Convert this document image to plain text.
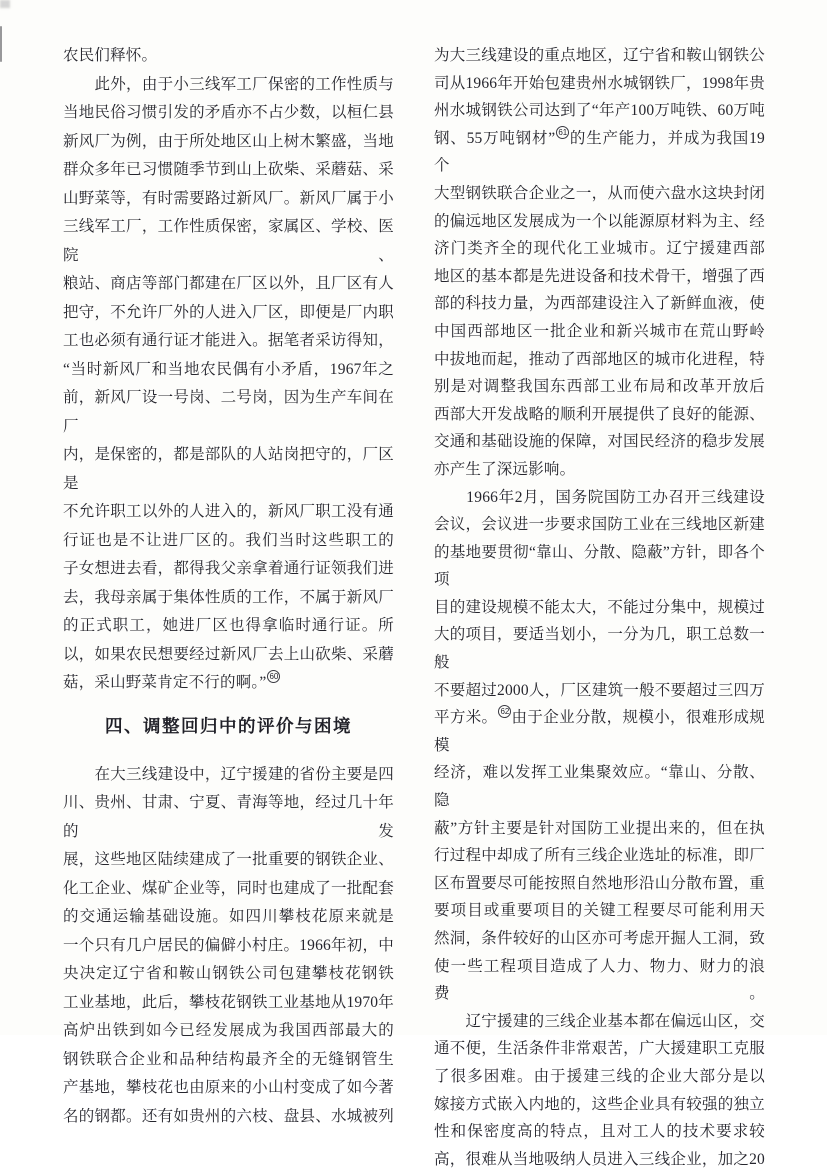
农民们释怀。
　　此外，由于小三线军工厂保密的工作性质与
当地民俗习惯引发的矛盾亦不占少数，以桓仁县
新风厂为例，由于所处地区山上树木繁盛，当地
群众多年已习惯随季节到山上砍柴、采蘑菇、采
山野菜等，有时需要路过新风厂。新风厂属于小
三线军工厂，工作性质保密，家属区、学校、医院、
粮站、商店等部门都建在厂区以外，且厂区有人
把守，不允许厂外的人进入厂区，即便是厂内职
工也必须有通行证才能进入。据笔者采访得知，
“当时新风厂和当地农民偶有小矛盾，1967年之
前，新风厂设一号岗、二号岗，因为生产车间在厂
内，是保密的，都是部队的人站岗把守的，厂区是
不允许职工以外的人进入的，新风厂职工没有通
行证也是不让进厂区的。我们当时这些职工的
子女想进去看，都得我父亲拿着通行证领我们进
去，我母亲属于集体性质的工作，不属于新风厂
的正式职工，她进厂区也得拿临时通行证。所
以，如果农民想要经过新风厂去上山砍柴、采蘑
菇，采山野菜肯定不行的啊。” 60
四、调整回归中的评价与困境
　　在大三线建设中，辽宁援建的省份主要是四
川、贵州、甘肃、宁夏、青海等地，经过几十年的发
展，这些地区陆续建成了一批重要的钢铁企业、
化工企业、煤矿企业等，同时也建成了一批配套
的交通运输基础设施。如四川攀枝花原来就是
一个只有几户居民的偏僻小村庄。1966年初，中
央决定辽宁省和鞍山钢铁公司包建攀枝花钢铁
工业基地，此后，攀枝花钢铁工业基地从1970年
高炉出铁到如今已经发展成为我国西部最大的
钢铁联合企业和品种结构最齐全的无缝钢管生
产基地，攀枝花也由原来的小山村变成了如今著
名的钢都。还有如贵州的六枝、盘县、水城被列
为大三线建设的重点地区，辽宁省和鞍山钢铁公
司从1966年开始包建贵州水城钢铁厂，1998年贵
州水城钢铁公司达到了“年产100万吨铁、60万吨
钢、55万吨钢材” 61 的生产能力，并成为我国19个
大型钢铁联合企业之一，从而使六盘水这块封闭
的偏远地区发展成为一个以能源原材料为主、经
济门类齐全的现代化工业城市。辽宁援建西部
地区的基本都是先进设备和技术骨干，增强了西
部的科技力量，为西部建设注入了新鲜血液，使
中国西部地区一批企业和新兴城市在荒山野岭
中拔地而起，推动了西部地区的城市化进程，特
别是对调整我国东西部工业布局和改革开放后
西部大开发战略的顺利开展提供了良好的能源、
交通和基础设施的保障，对国民经济的稳步发展
亦产生了深远影响。
　　1966年2月，国务院国防工办召开三线建设
会议，会议进一步要求国防工业在三线地区新建
的基地要贯彻“靠山、分散、隐蔽”方针，即各个项
目的建设规模不能太大，不能过分集中，规模过
大的项目，要适当划小，一分为几，职工总数一般
不要超过2000人，厂区建筑一般不要超过三四万
平方米。 62 由于企业分散，规模小，很难形成规模
经济，难以发挥工业集聚效应。“靠山、分散、隐
蔽”方针主要是针对国防工业提出来的，但在执
行过程中却成了所有三线企业选址的标准，即厂
区布置要尽可能按照自然地形沿山分散布置，重
要项目或重要项目的关键工程要尽可能利用天
然洞，条件较好的山区亦可考虑开掘人工洞，致
使一些工程项目造成了人力、物力、财力的浪费。
　　辽宁援建的三线企业基本都在偏远山区，交
通不便，生活条件非常艰苦，广大援建职工克服
了很多困难。由于援建三线的企业大部分是以
嫁接方式嵌入内地的，这些企业具有较强的独立
性和保密度高的特点，且对工人的技术要求较
高，很难从当地吸纳人员进入三线企业，加之20
